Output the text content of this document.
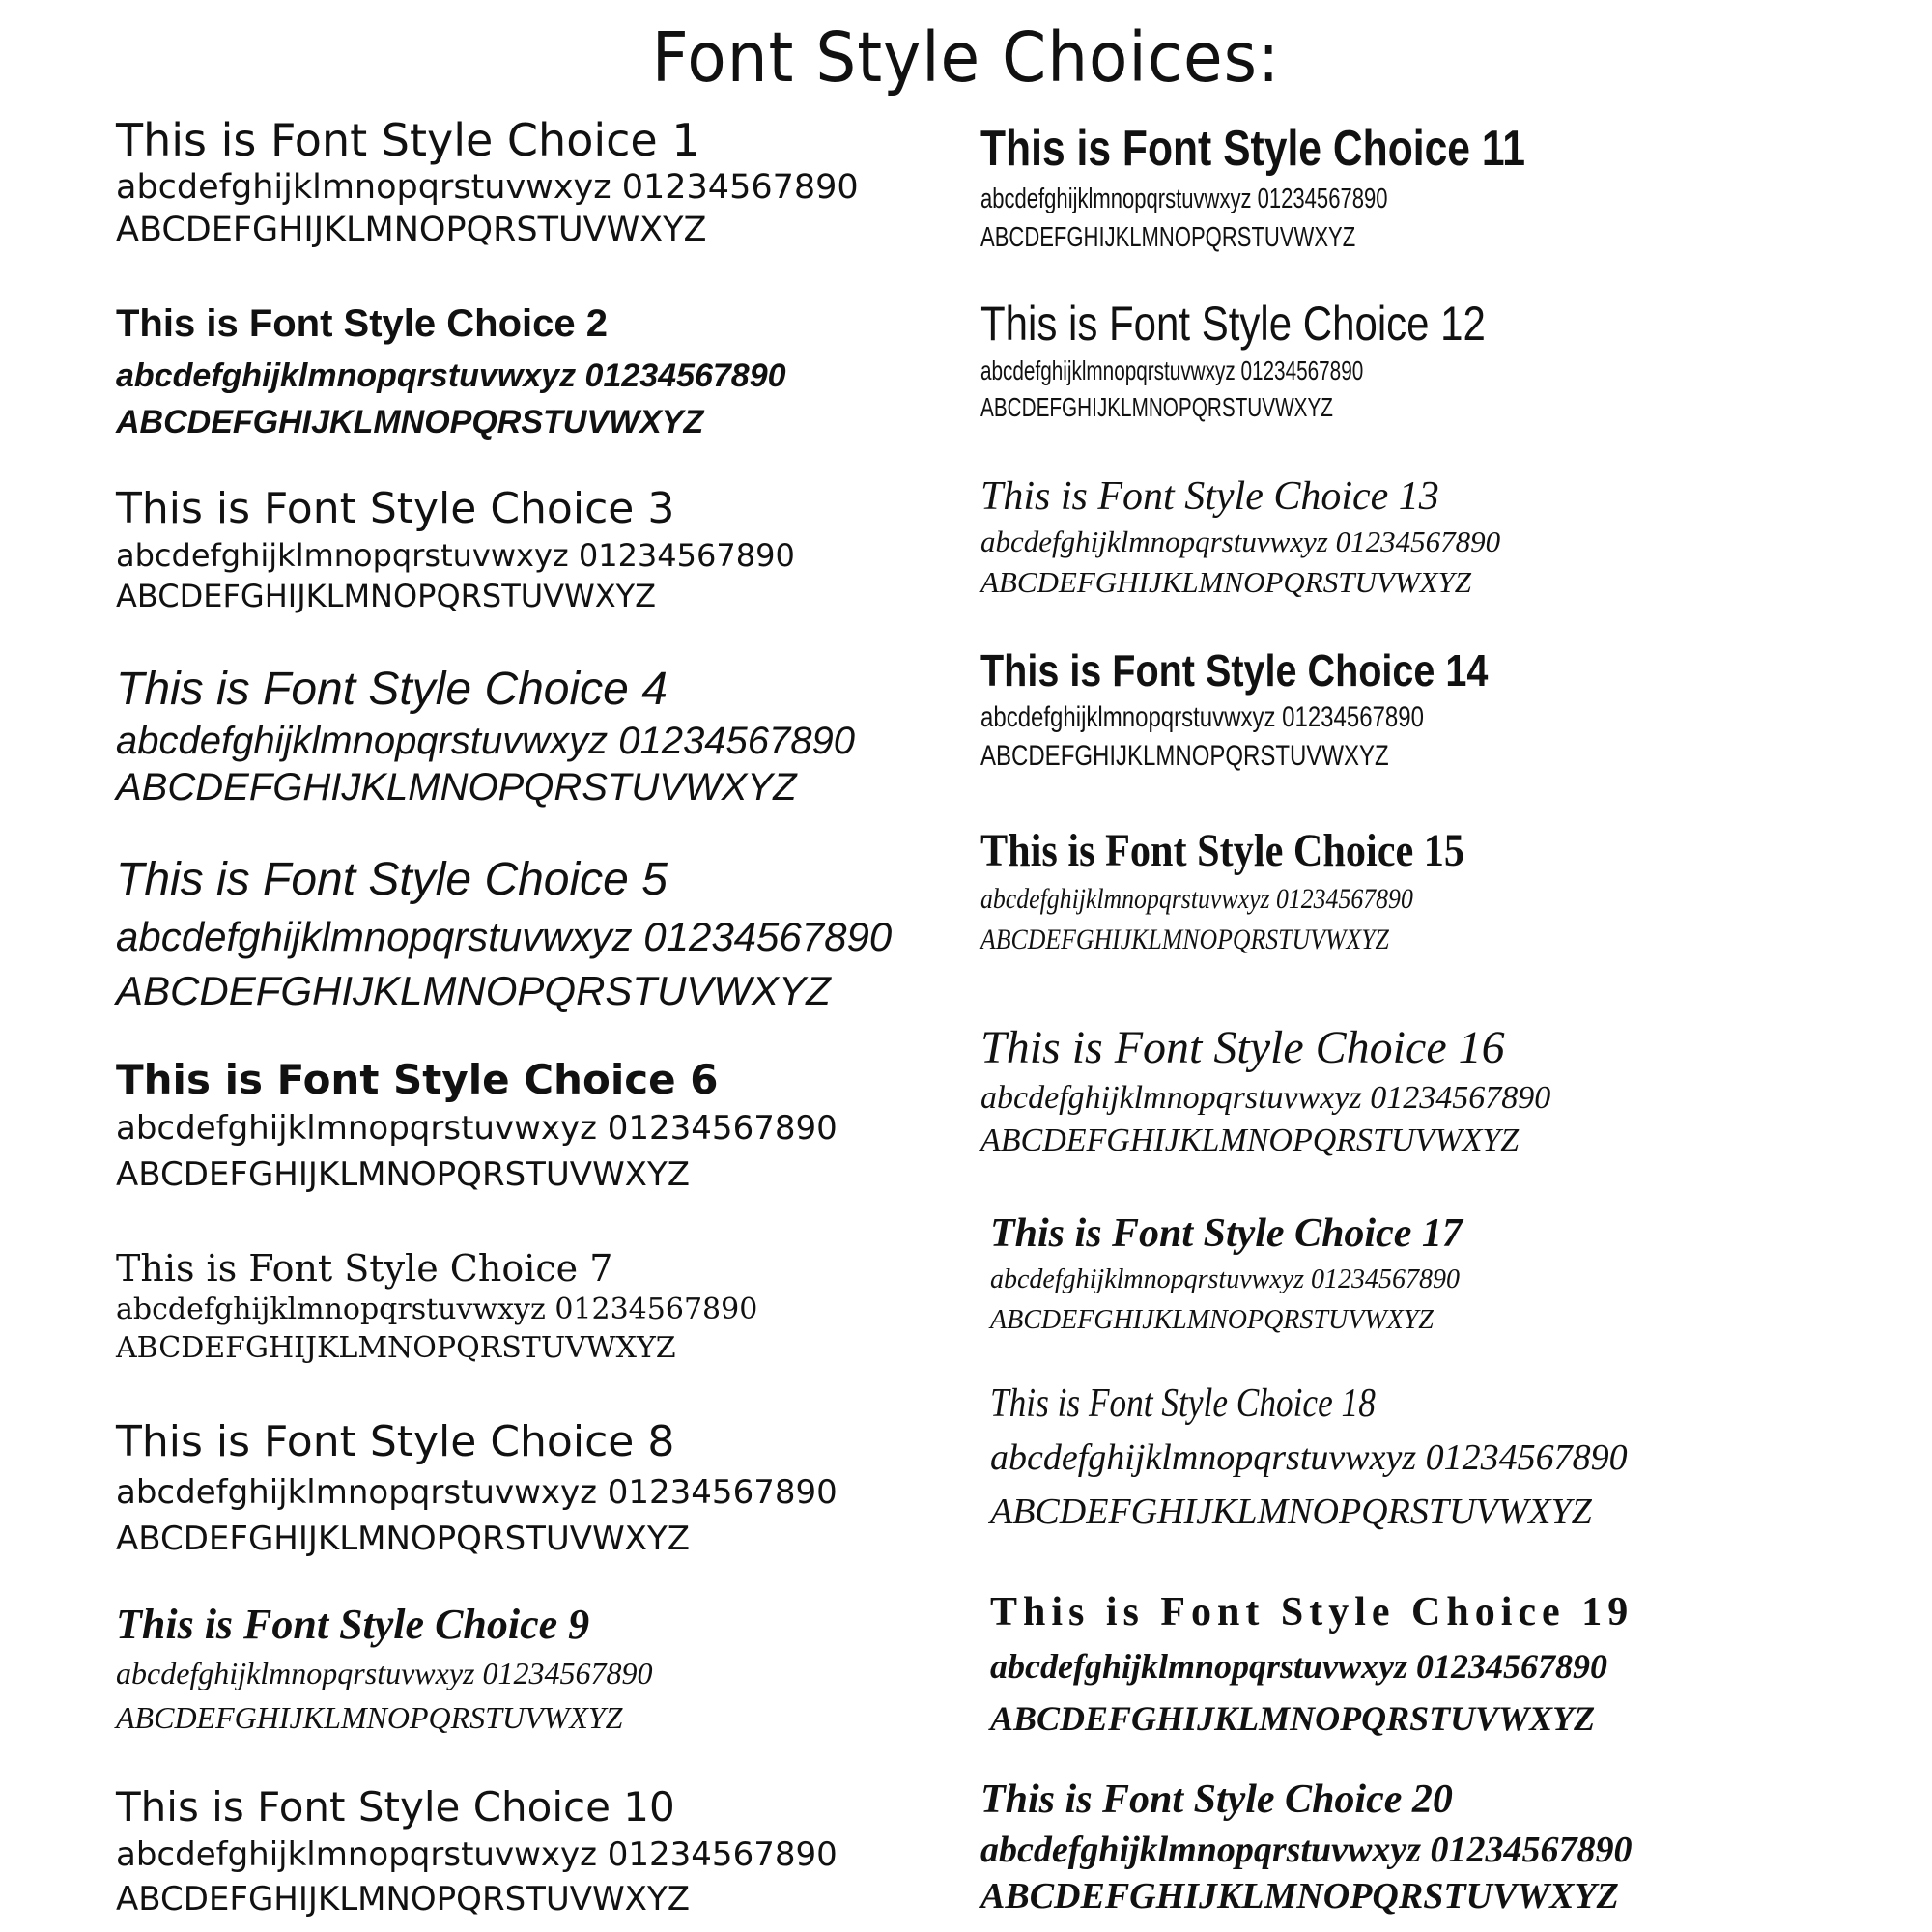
Font Style Choices:
This is Font Style Choice 1
abcdefghijklmnopqrstuvwxyz 01234567890
ABCDEFGHIJKLMNOPQRSTUVWXYZ
This is Font Style Choice 2
abcdefghijklmnopqrstuvwxyz 01234567890
ABCDEFGHIJKLMNOPQRSTUVWXYZ
This is Font Style Choice 3
abcdefghijklmnopqrstuvwxyz 01234567890
ABCDEFGHIJKLMNOPQRSTUVWXYZ
This is Font Style Choice 4
abcdefghijklmnopqrstuvwxyz 01234567890
ABCDEFGHIJKLMNOPQRSTUVWXYZ
This is Font Style Choice 5
abcdefghijklmnopqrstuvwxyz 01234567890
ABCDEFGHIJKLMNOPQRSTUVWXYZ
This is Font Style Choice 6
abcdefghijklmnopqrstuvwxyz 01234567890
ABCDEFGHIJKLMNOPQRSTUVWXYZ
This is Font Style Choice 7
abcdefghijklmnopqrstuvwxyz 01234567890
ABCDEFGHIJKLMNOPQRSTUVWXYZ
This is Font Style Choice 8
abcdefghijklmnopqrstuvwxyz 01234567890
ABCDEFGHIJKLMNOPQRSTUVWXYZ
This is Font Style Choice 9
abcdefghijklmnopqrstuvwxyz 01234567890
ABCDEFGHIJKLMNOPQRSTUVWXYZ
This is Font Style Choice 10
abcdefghijklmnopqrstuvwxyz 01234567890
ABCDEFGHIJKLMNOPQRSTUVWXYZ
This is Font Style Choice 11
abcdefghijklmnopqrstuvwxyz 01234567890
ABCDEFGHIJKLMNOPQRSTUVWXYZ
This is Font Style Choice 12
abcdefghijklmnopqrstuvwxyz 01234567890
ABCDEFGHIJKLMNOPQRSTUVWXYZ
This is Font Style Choice 13
abcdefghijklmnopqrstuvwxyz 01234567890
ABCDEFGHIJKLMNOPQRSTUVWXYZ
This is Font Style Choice 14
abcdefghijklmnopqrstuvwxyz 01234567890
ABCDEFGHIJKLMNOPQRSTUVWXYZ
This is Font Style Choice 15
abcdefghijklmnopqrstuvwxyz 01234567890
ABCDEFGHIJKLMNOPQRSTUVWXYZ
This is Font Style Choice 16
abcdefghijklmnopqrstuvwxyz 01234567890
ABCDEFGHIJKLMNOPQRSTUVWXYZ
This is Font Style Choice 17
abcdefghijklmnopqrstuvwxyz 01234567890
ABCDEFGHIJKLMNOPQRSTUVWXYZ
This is Font Style Choice 18
abcdefghijklmnopqrstuvwxyz 01234567890
ABCDEFGHIJKLMNOPQRSTUVWXYZ
This is Font Style Choice 19
abcdefghijklmnopqrstuvwxyz 01234567890
ABCDEFGHIJKLMNOPQRSTUVWXYZ
This is Font Style Choice 20
abcdefghijklmnopqrstuvwxyz 01234567890
ABCDEFGHIJKLMNOPQRSTUVWXYZ
